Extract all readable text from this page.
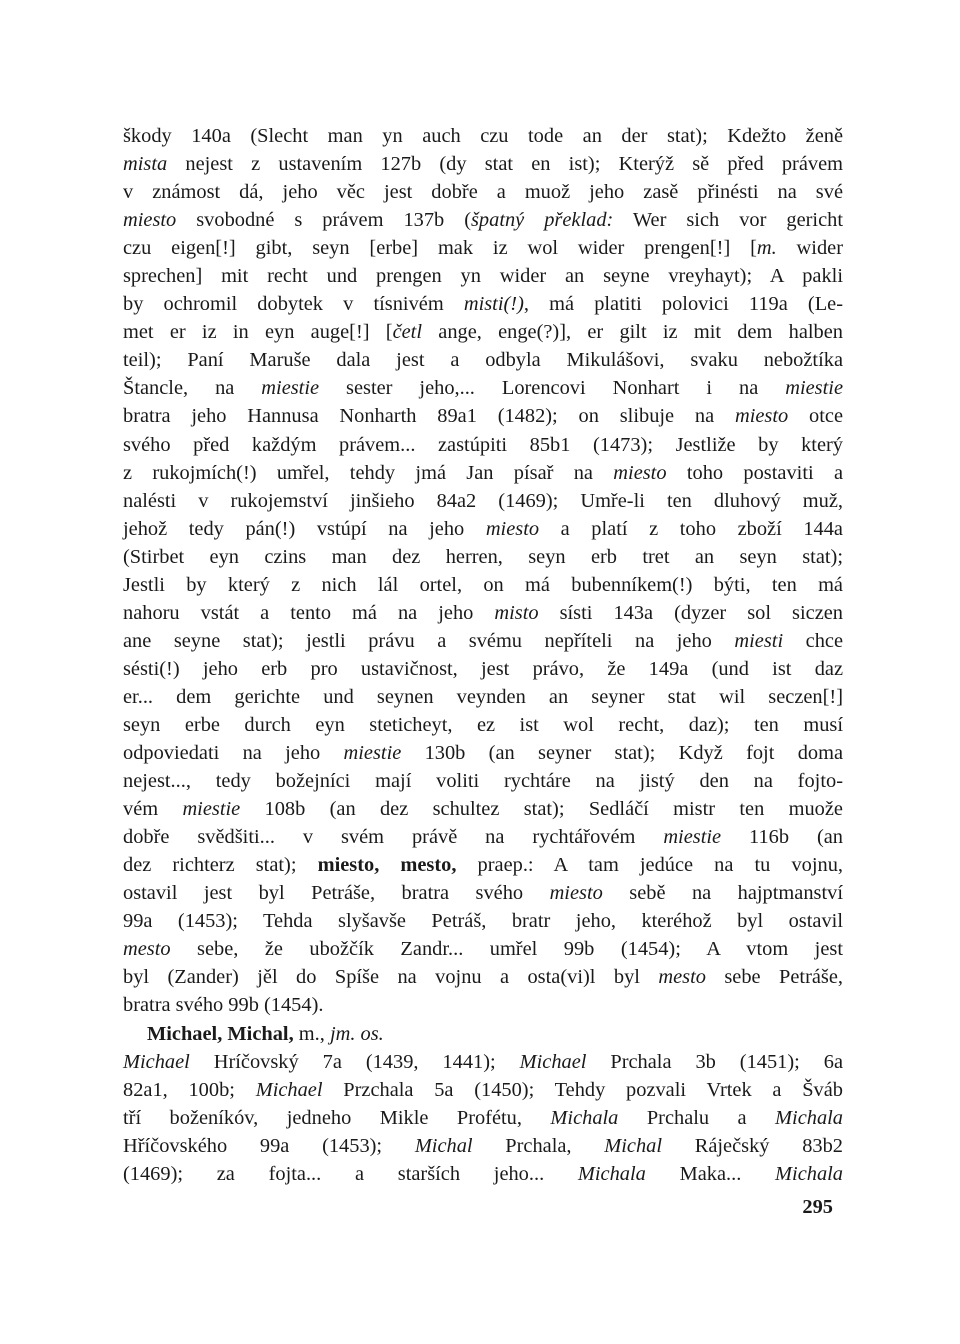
škody 140a (Slecht man yn auch czu tode an der stat); Kdežto ženě
mista nejest z ustavením 127b (dy stat en ist); Kterýž sě před právem
v známost dá, jeho věc jest dobře a muož jeho zasě přinésti na své
miesto svobodné s právem 137b (špatný překlad: Wer sich vor gericht
czu eigen[!] gibt, seyn [erbe] mak iz wol wider prengen[!] [m. wider
sprechen] mit recht und prengen yn wider an seyne vreyhayt); A pakli
by ochromil dobytek v tísnivém misti(!), má platiti polovici 119a (Le-
met er iz in eyn auge[!] [četl ange, enge(?)], er gilt iz mit dem halben
teil); Paní Maruše dala jest a odbyla Mikulášovi, svaku nebožtíka
Štancle, na miestie sester jeho,... Lorencovi Nonhart i na miestie
bratra jeho Hannusa Nonharth 89a1 (1482); on slibuje na miesto otce
svého před každým právem... zastúpiti 85b1 (1473); Jestliže by který
z rukojmích(!) umřel, tehdy jmá Jan písař na miesto toho postaviti a
nalésti v rukojemství jinšieho 84a2 (1469); Umře-li ten dluhový muž,
jehož tedy pán(!) vstúpí na jeho miesto a platí z toho zboží 144a
(Stirbet eyn czins man dez herren, seyn erb tret an seyn stat);
Jestli by který z nich lál ortel, on má bubenníkem(!) býti, ten má
nahoru vstát a tento má na jeho misto sísti 143a (dyzer sol siczen
ane seyne stat); jestli právu a svému nepříteli na jeho miesti chce
sésti(!) jeho erb pro ustavičnost, jest právo, že 149a (und ist daz
er... dem gerichte und seynen veynden an seyner stat wil seczen[!]
seyn erbe durch eyn steticheyt, ez ist wol recht, daz); ten musí
odpoviedati na jeho miestie 130b (an seyner stat); Když fojt doma
nejest..., tedy božejníci mají voliti rychtáre na jistý den na fojto-
vém miestie 108b (an dez schultez stat); Sedláčí mistr ten muože
dobře svědšiti... v svém právě na rychtářovém miestie 116b (an
dez richterz stat); miesto, mesto, praep.: A tam jedúce na tu vojnu,
ostavil jest byl Petráše, bratra svého miesto sebě na hajptmanství
99a (1453); Tehda slyšavše Petráš, bratr jeho, kteréhož byl ostavil
mesto sebe, že ubožčík Zandr... umřel 99b (1454); A vtom jest
byl (Zander) jěl do Spíše na vojnu a osta(vi)l byl mesto sebe Petráše,
bratra svého 99b (1454).
Michael, Michal, m., jm. os.
Michael Hríčovský 7a (1439, 1441); Michael Prchala 3b (1451); 6a
82a1, 100b; Michael Przchala 5a (1450); Tehdy pozvali Vrtek a Šváb
tří boženíkóv, jedneho Mikle Profétu, Michala Prchalu a Michala
Hříčovského 99a (1453); Michal Prchala, Michal Ráječský 83b2
(1469); za fojta... a starších jeho... Michala Maka... Michala
295
